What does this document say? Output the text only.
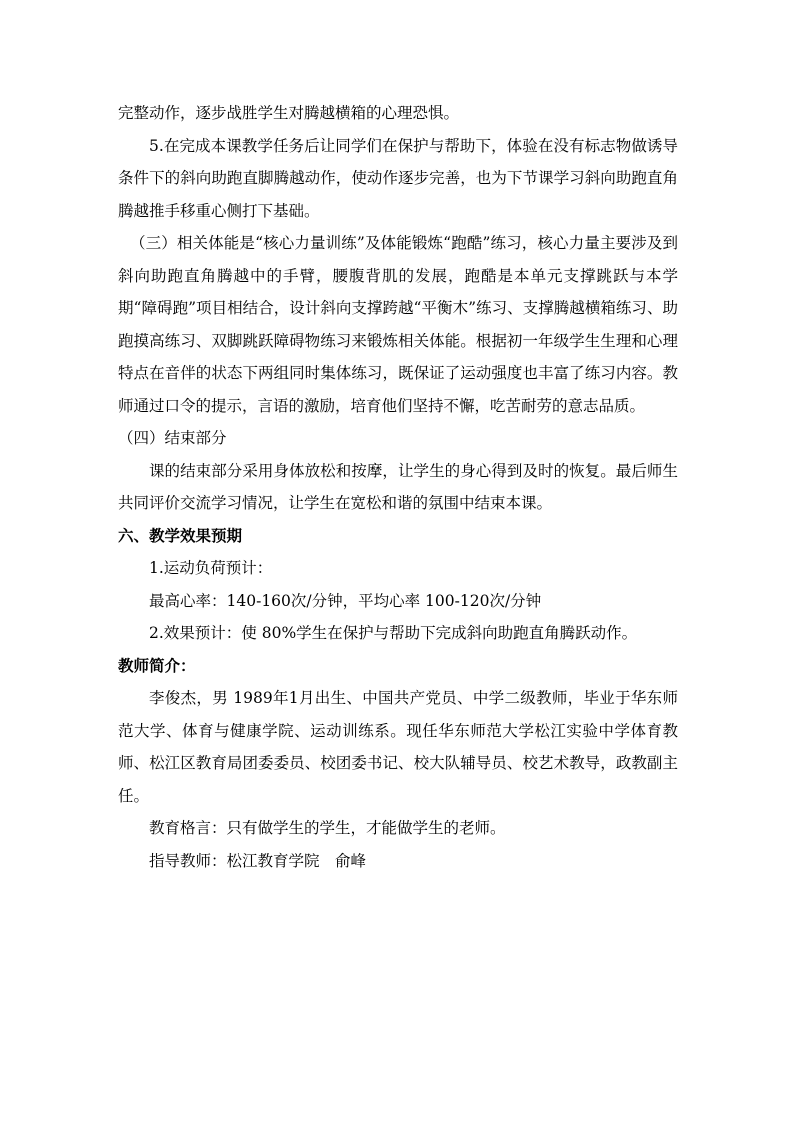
完整动作，逐步战胜学生对腾越横箱的心理恐惧。

5.在完成本课教学任务后让同学们在保护与帮助下，体验在没有标志物做诱导条件下的斜向助跑直脚腾越动作，使动作逐步完善，也为下节课学习斜向助跑直角腾越推手移重心侧打下基础。

（三）相关体能是“核心力量训练”及体能锻炼“跑酷”练习，核心力量主要涉及到斜向助跑直角腾越中的手臂，腰腹背肌的发展，跑酷是本单元支撑跳跃与本学期“障碍跑”项目相结合，设计斜向支撑跨越“平衡木”练习、支撑腾越横箱练习、助跑摸高练习、双脚跳跃障碍物练习来锻炼相关体能。根据初一年级学生生理和心理特点在音伴的状态下两组同时集体练习，既保证了运动强度也丰富了练习内容。教师通过口令的提示，言语的激励，培育他们坚持不懈，吃苦耐劳的意志品质。

（四）结束部分

课的结束部分采用身体放松和按摩，让学生的身心得到及时的恢复。最后师生共同评价交流学习情况，让学生在宽松和谐的氛围中结束本课。

六、教学效果预期

1.运动负荷预计：

最高心率：140-160次/分钟，平均心率 100-120次/分钟

2.效果预计：使 80%学生在保护与帮助下完成斜向助跑直角腾跃动作。

教师简介：

李俊杰，男 1989年1月出生、中国共产党员、中学二级教师，毕业于华东师范大学、体育与健康学院、运动训练系。现任华东师范大学松江实验中学体育教师、松江区教育局团委委员、校团委书记、校大队辅导员、校艺术教导，政教副主任。

教育格言：只有做学生的学生，才能做学生的老师。

指导教师：松江教育学院　俞峰
